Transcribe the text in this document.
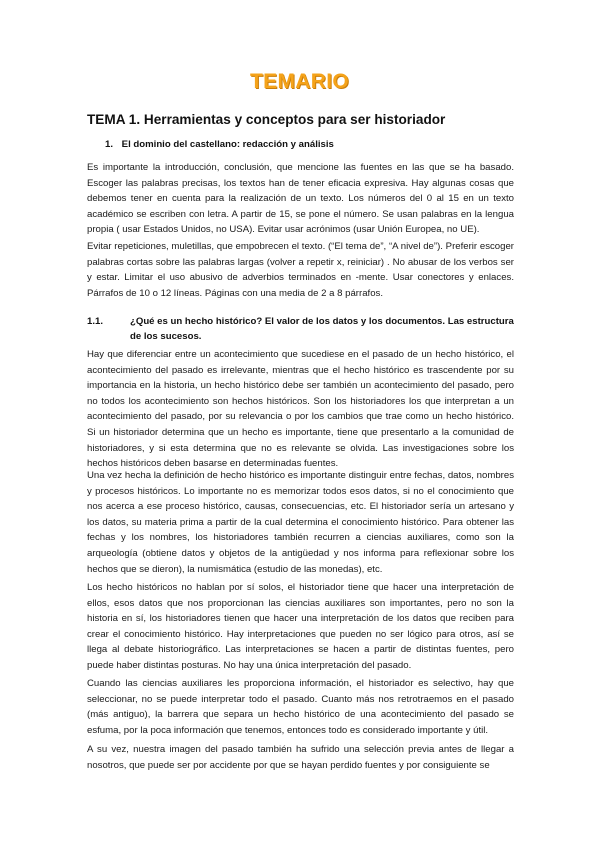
TEMARIO
TEMA 1. Herramientas y conceptos para ser historiador
1. El dominio del castellano: redacción y análisis

Es importante la introducción, conclusión, que mencione las fuentes en las que se ha basado. Escoger las palabras precisas, los textos han de tener eficacia expresiva. Hay algunas cosas que debemos tener en cuenta para la realización de un texto. Los números del 0 al 15 en un texto académico se escriben con letra. A partir de 15, se pone el número. Se usan palabras en la lengua propia ( usar Estados Unidos, no USA). Evitar usar acrónimos (usar Unión Europea, no UE).

Evitar repeticiones, muletillas, que empobrecen el texto. (“El tema de”, “A nivel de”). Preferir escoger palabras cortas sobre las palabras largas (volver a repetir x, reiniciar) . No abusar de los verbos ser y estar. Limitar el uso abusivo de adverbios terminados en -mente. Usar conectores y enlaces. Párrafos de 10 o 12 líneas. Páginas con una media de 2 a 8 párrafos.

1.1.	¿Qué es un hecho histórico? El valor de los datos y los documentos. Las estructura de los sucesos.

Hay que diferenciar entre un acontecimiento que sucediese en el pasado de un hecho histórico, el acontecimiento del pasado es irrelevante, mientras que el hecho histórico es trascendente por su importancia en la historia, un hecho histórico debe ser también un acontecimiento del pasado, pero no todos los acontecimiento son hechos históricos. Son los historiadores los que interpretan a un acontecimiento del pasado, por su relevancia o por los cambios que trae como un hecho histórico. Si un historiador determina que un hecho es importante, tiene que presentarlo a la comunidad de historiadores, y si esta determina que no es relevante se olvida. Las investigaciones sobre los hechos históricos deben basarse en determinadas fuentes.

Una vez hecha la definición de hecho histórico es importante distinguir entre fechas, datos, nombres y procesos históricos. Lo importante no es memorizar todos esos datos, si no el conocimiento que nos acerca a ese proceso histórico, causas, consecuencias, etc. El historiador sería un artesano y los datos, su materia prima a partir de la cual determina el conocimiento histórico. Para obtener las fechas y los nombres, los historiadores también recurren a ciencias auxiliares, como son la arqueología (obtiene datos y objetos de la antigüedad y nos informa para reflexionar sobre los hechos que se dieron), la numismática (estudio de las monedas), etc.

Los hecho históricos no hablan por sí solos, el historiador tiene que hacer una interpretación de ellos, esos datos que nos proporcionan las ciencias auxiliares son importantes, pero no son la historia en sí, los historiadores tienen que hacer una interpretación de los datos que reciben para crear el conocimiento histórico. Hay interpretaciones que pueden no ser lógico para otros, así se llega al debate historiográfico. Las interpretaciones se hacen a partir de distintas fuentes, pero puede haber distintas posturas. No hay una única interpretación del pasado.

Cuando las ciencias auxiliares les proporciona información, el historiador es selectivo, hay que seleccionar, no se puede interpretar todo el pasado. Cuanto más nos retrotraemos en el pasado (más antiguo), la barrera que separa un hecho histórico de una acontecimiento del pasado se esfuma, por la poca información que tenemos, entonces todo es considerado importante y útil.

A su vez, nuestra imagen del pasado también ha sufrido una selección previa antes de llegar a nosotros, que puede ser por accidente por que se hayan perdido fuentes y por consiguiente se
